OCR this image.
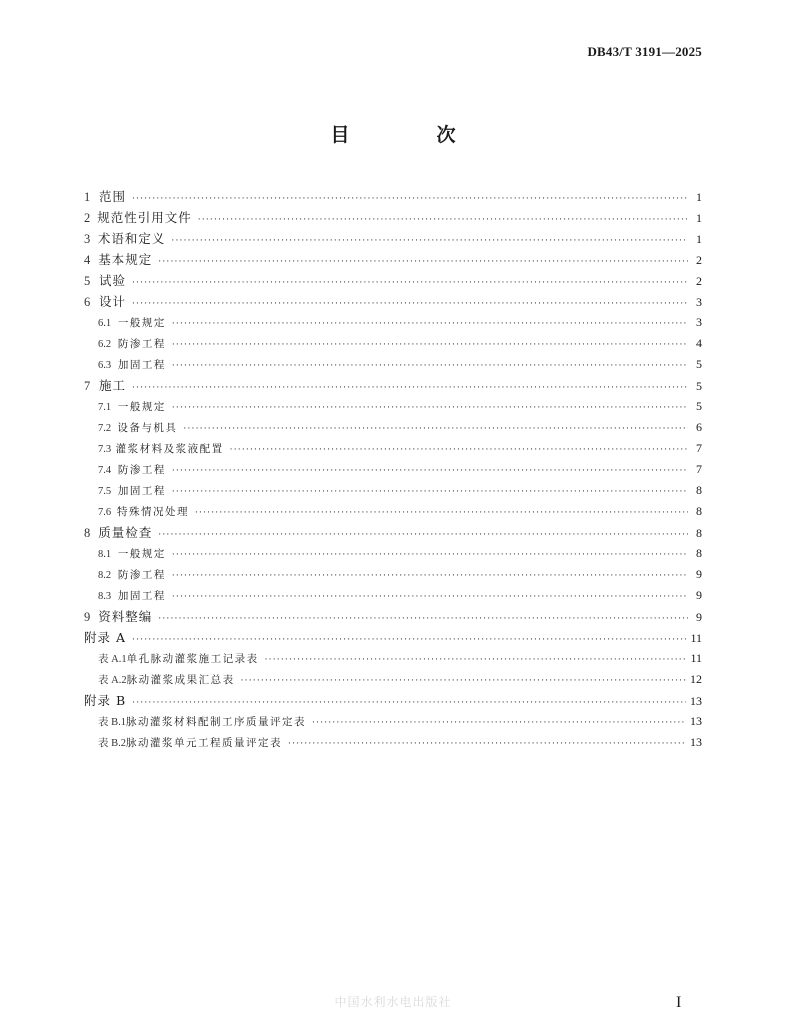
DB43/T 3191—2025
目　次
1 范围 ·····	1
2 规范性引用文件 ·····	1
3 术语和定义 ·····	1
4 基本规定 ·····	2
5 试验 ·····	2
6 设计 ·····	3
6.1 一般规定 ·····	3
6.2 防渗工程 ·····	4
6.3 加固工程 ·····	5
7 施工 ·····	5
7.1 一般规定 ·····	5
7.2 设备与机具 ·····	6
7.3 灌浆材料及浆液配置 ·····	7
7.4 防渗工程 ·····	7
7.5 加固工程 ·····	8
7.6 特殊情况处理 ·····	8
8 质量检查 ·····	8
8.1 一般规定 ·····	8
8.2 防渗工程 ·····	9
8.3 加固工程 ·····	9
9 资料整编 ·····	9
附录 A ·····	11
表 A.1 单孔脉动灌浆施工记录表 ·····	11
表 A.2 脉动灌浆成果汇总表 ·····	12
附录 B ·····	13
表 B.1 脉动灌浆材料配制工序质量评定表 ·····	13
表 B.2 脉动灌浆单元工程质量评定表 ·····	13
中国水利水电出版社	I
